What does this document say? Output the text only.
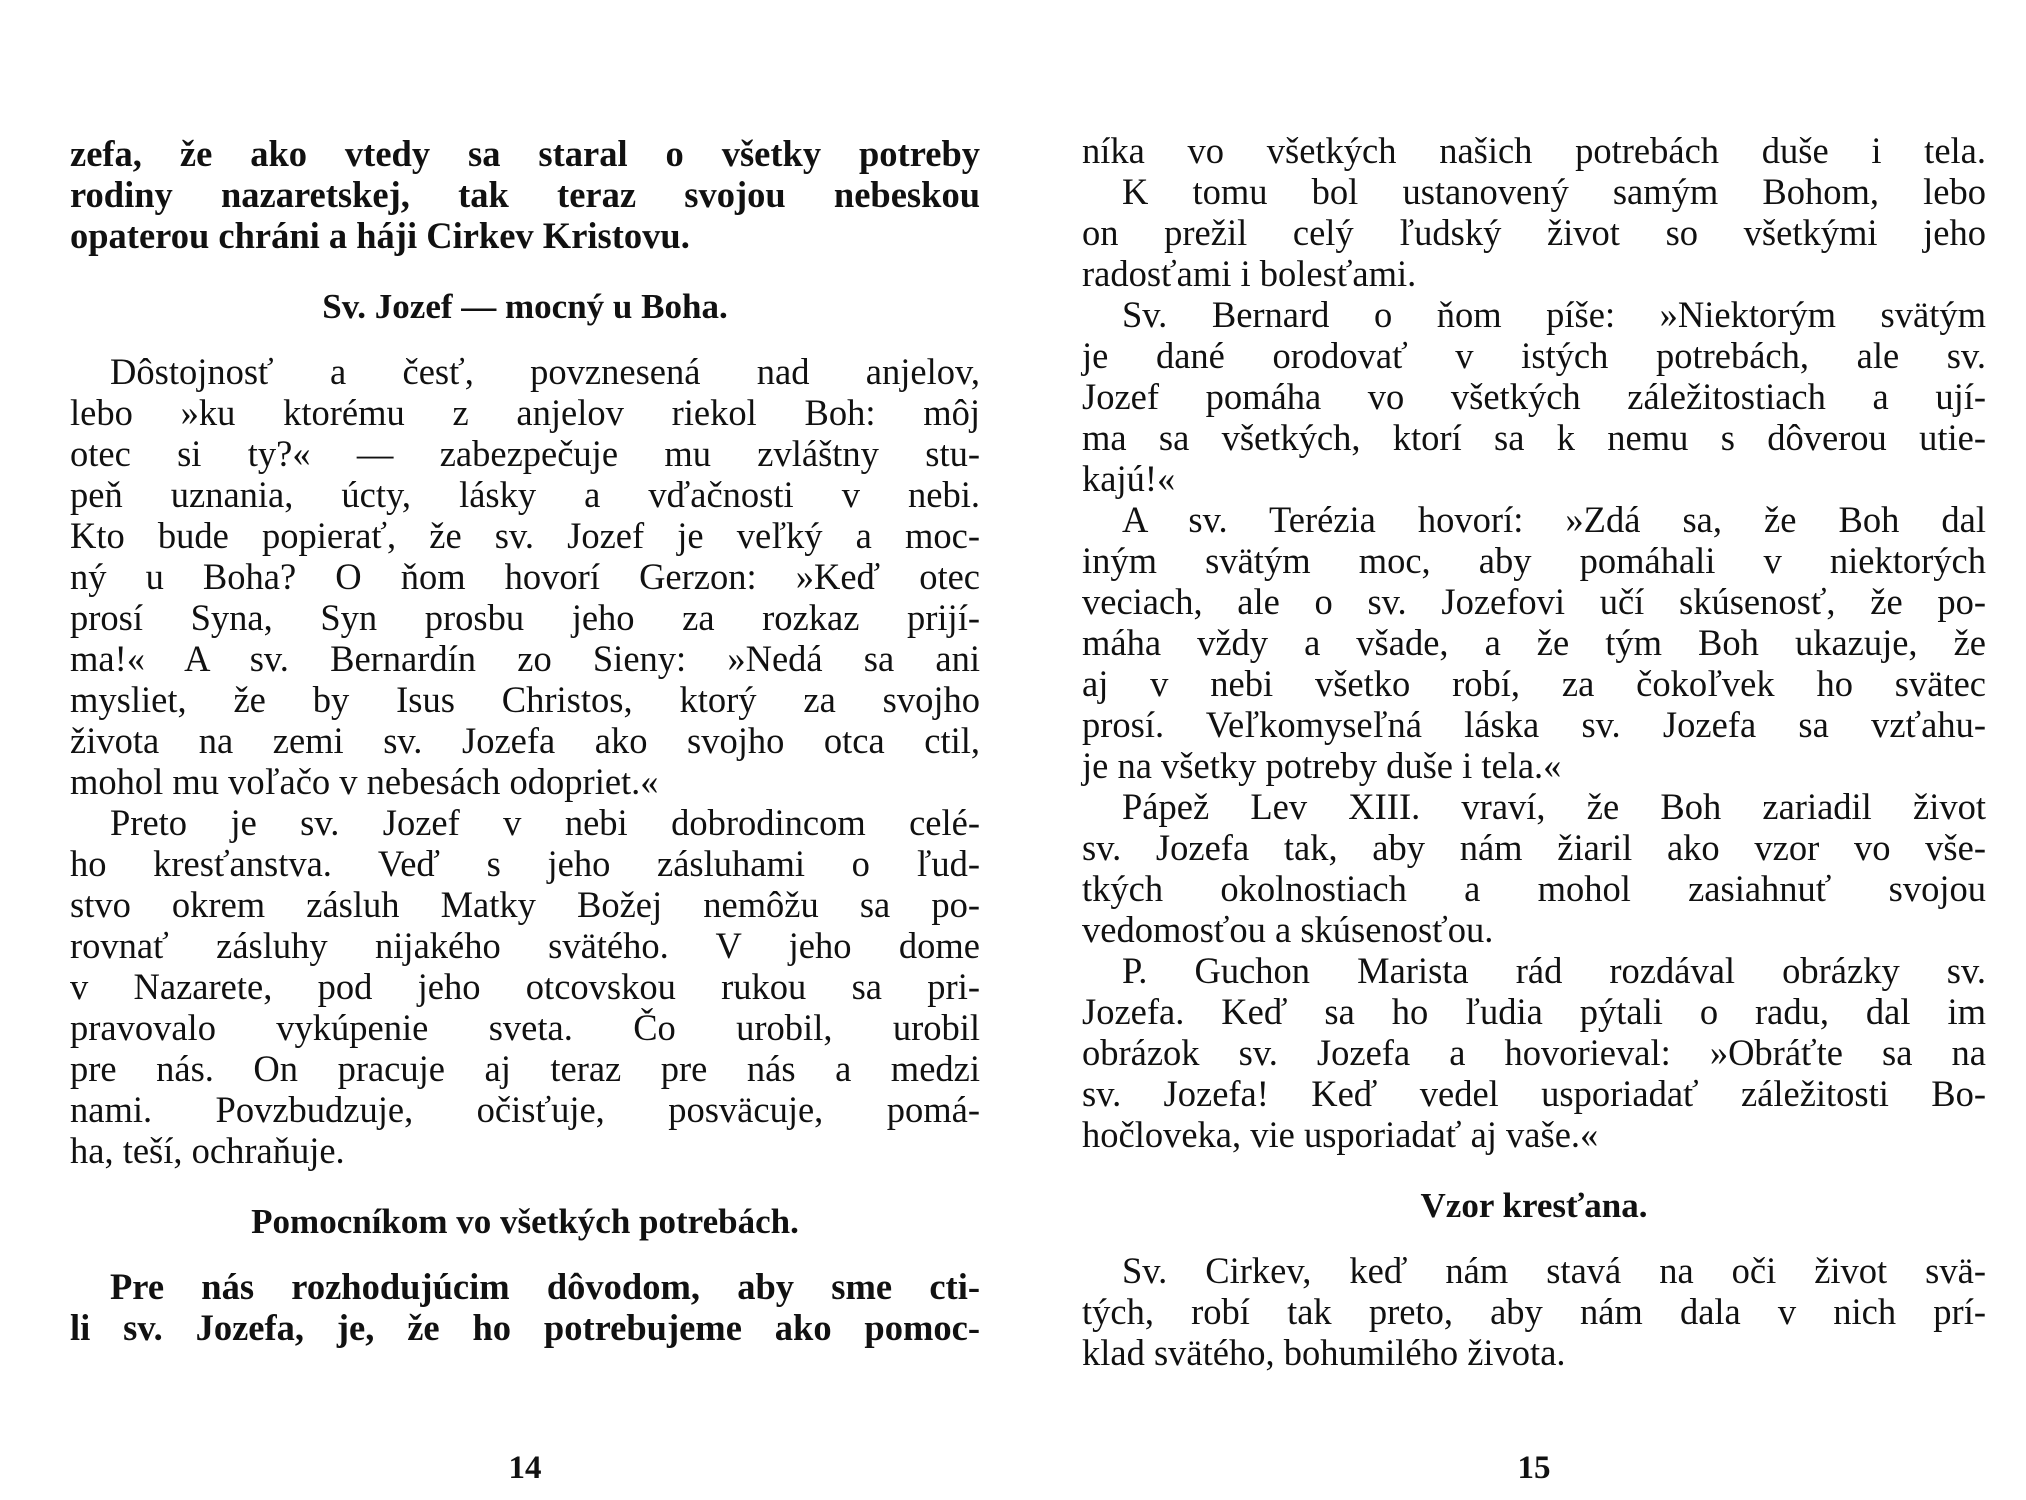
zefa, že ako vtedy sa staral o všetky potreby
rodiny nazaretskej, tak teraz svojou nebeskou
opaterou chráni a háji Cirkev Kristovu.
Sv. Jozef — mocný u Boha.
Dôstojnosť a česť, povznesená nad anjelov,
lebo »ku ktorému z anjelov riekol Boh: môj
otec si ty?« — zabezpečuje mu zvláštny stu-
peň uznania, úcty, lásky a vďačnosti v nebi.
Kto bude popierať, že sv. Jozef je veľký a moc-
ný u Boha? O ňom hovorí Gerzon: »Keď otec
prosí Syna, Syn prosbu jeho za rozkaz prijí-
ma!« A sv. Bernardín zo Sieny: »Nedá sa ani
mysliet, že by Isus Christos, ktorý za svojho
života na zemi sv. Jozefa ako svojho otca ctil,
mohol mu voľačo v nebesách odopriet.«
Preto je sv. Jozef v nebi dobrodincom celé-
ho kresťanstva. Veď s jeho zásluhami o ľud-
stvo okrem zásluh Matky Božej nemôžu sa po-
rovnať zásluhy nijakého svätého. V jeho dome
v Nazarete, pod jeho otcovskou rukou sa pri-
pravovalo vykúpenie sveta. Čo urobil, urobil
pre nás. On pracuje aj teraz pre nás a medzi
nami. Povzbudzuje, očisťuje, posväcuje, pomá-
ha, teší, ochraňuje.
Pomocníkom vo všetkých potrebách.
Pre nás rozhodujúcim dôvodom, aby sme cti-
li sv. Jozefa, je, že ho potrebujeme ako pomoc-
14
níka vo všetkých našich potrebách duše i tela.
K tomu bol ustanovený samým Bohom, lebo
on prežil celý ľudský život so všetkými jeho
radosťami i bolesťami.
Sv. Bernard o ňom píše: »Niektorým svätým
je dané orodovať v istých potrebách, ale sv.
Jozef pomáha vo všetkých záležitostiach a ují-
ma sa všetkých, ktorí sa k nemu s dôverou utie-
kajú!«
A sv. Terézia hovorí: »Zdá sa, že Boh dal
iným svätým moc, aby pomáhali v niektorých
veciach, ale o sv. Jozefovi učí skúsenosť, že po-
máha vždy a všade, a že tým Boh ukazuje, že
aj v nebi všetko robí, za čokoľvek ho svätec
prosí. Veľkomyseľná láska sv. Jozefa sa vzťahu-
je na všetky potreby duše i tela.«
Pápež Lev XIII. vraví, že Boh zariadil život
sv. Jozefa tak, aby nám žiaril ako vzor vo vše-
tkých okolnostiach a mohol zasiahnuť svojou
vedomosťou a skúsenosťou.
P. Guchon Marista rád rozdával obrázky sv.
Jozefa. Keď sa ho ľudia pýtali o radu, dal im
obrázok sv. Jozefa a hovorieval: »Obráťte sa na
sv. Jozefa! Keď vedel usporiadať záležitosti Bo-
hočloveka, vie usporiadať aj vaše.«
Vzor kresťana.
Sv. Cirkev, keď nám stavá na oči život svä-
tých, robí tak preto, aby nám dala v nich prí-
klad svätého, bohumilého života.
15
